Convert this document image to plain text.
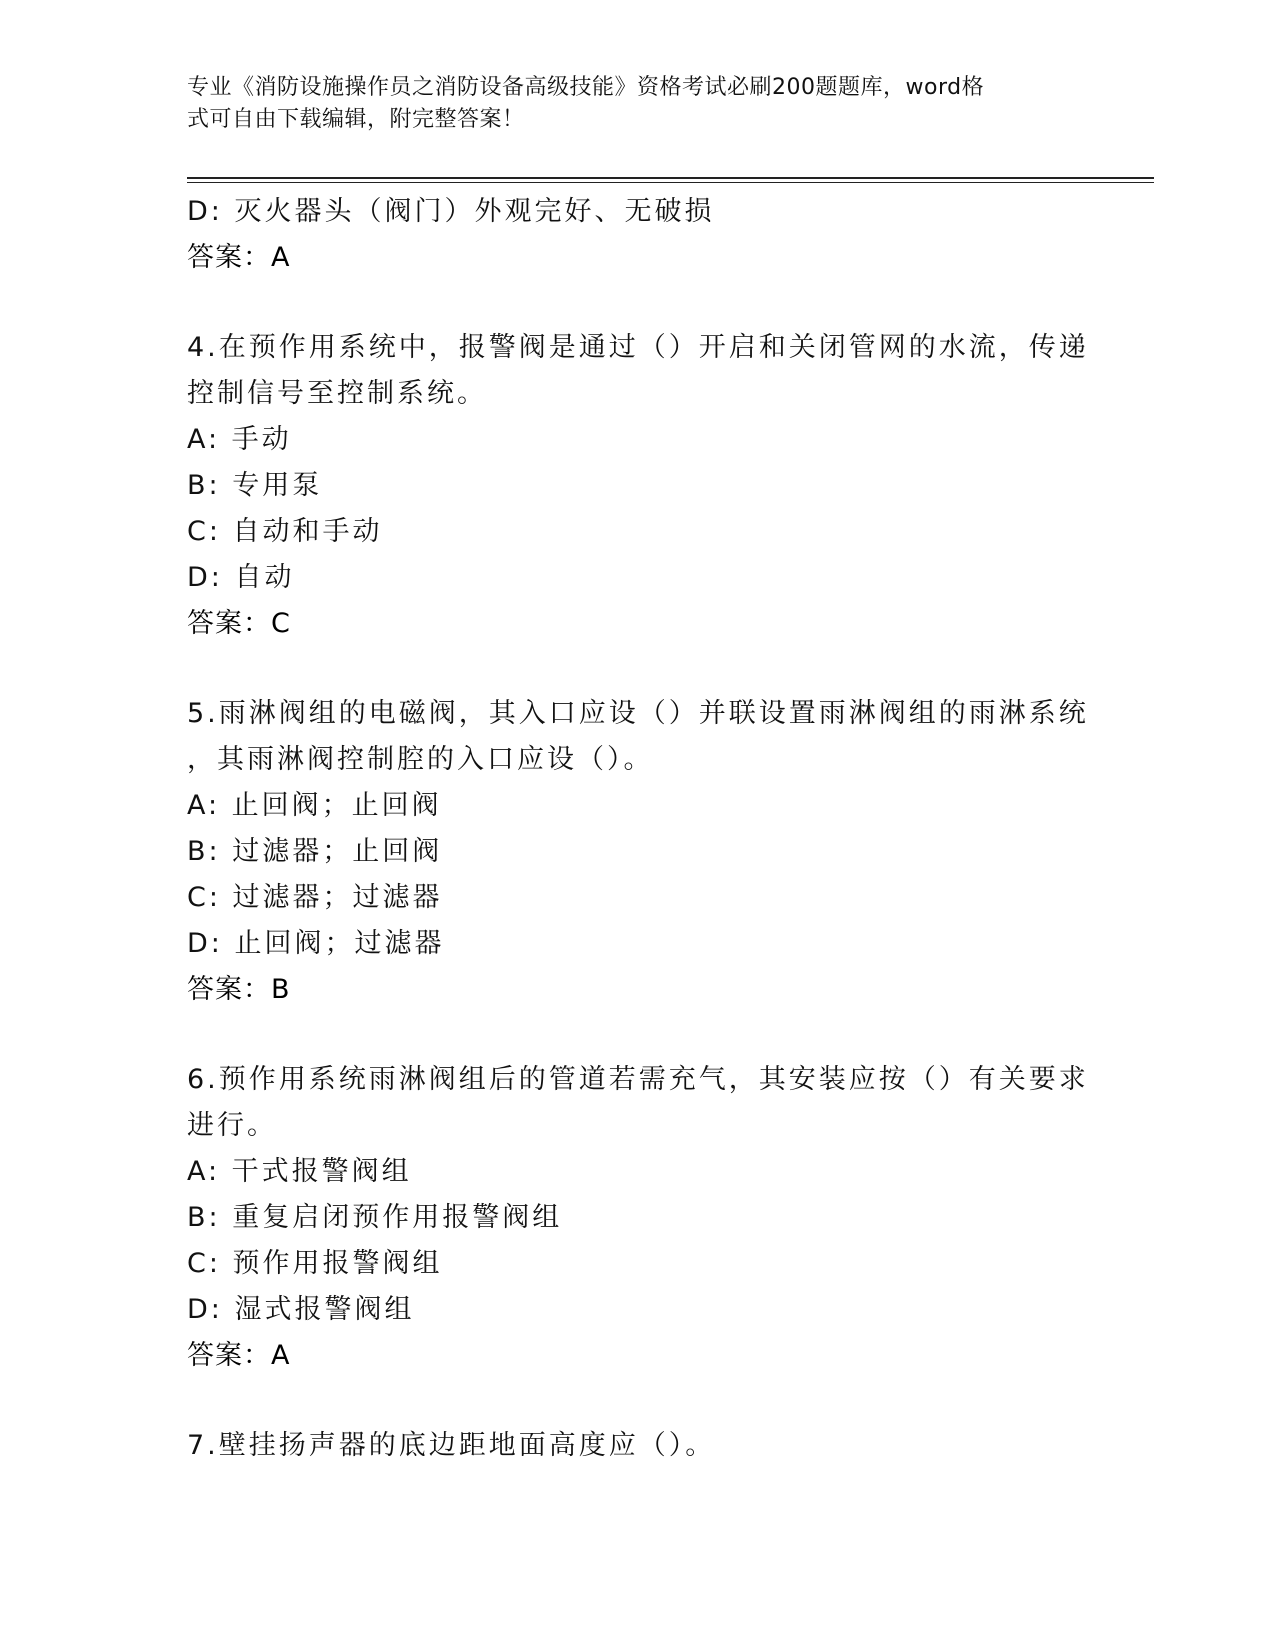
专业《消防设施操作员之消防设备高级技能》资格考试必刷200题题库，word格
式可自由下载编辑，附完整答案！
D: 灭火器头（阀门）外观完好、无破损
答案：A
4.在预作用系统中，报警阀是通过（）开启和关闭管网的水流，传递
控制信号至控制系统。
A: 手动
B: 专用泵
C: 自动和手动
D: 自动
答案：C
5.雨淋阀组的电磁阀，其入口应设（）并联设置雨淋阀组的雨淋系统
，其雨淋阀控制腔的入口应设（）。
A: 止回阀；止回阀
B: 过滤器；止回阀
C: 过滤器；过滤器
D: 止回阀；过滤器
答案：B
6.预作用系统雨淋阀组后的管道若需充气，其安装应按（）有关要求
进行。
A: 干式报警阀组
B: 重复启闭预作用报警阀组
C: 预作用报警阀组
D: 湿式报警阀组
答案：A
7.壁挂扬声器的底边距地面高度应（）。
